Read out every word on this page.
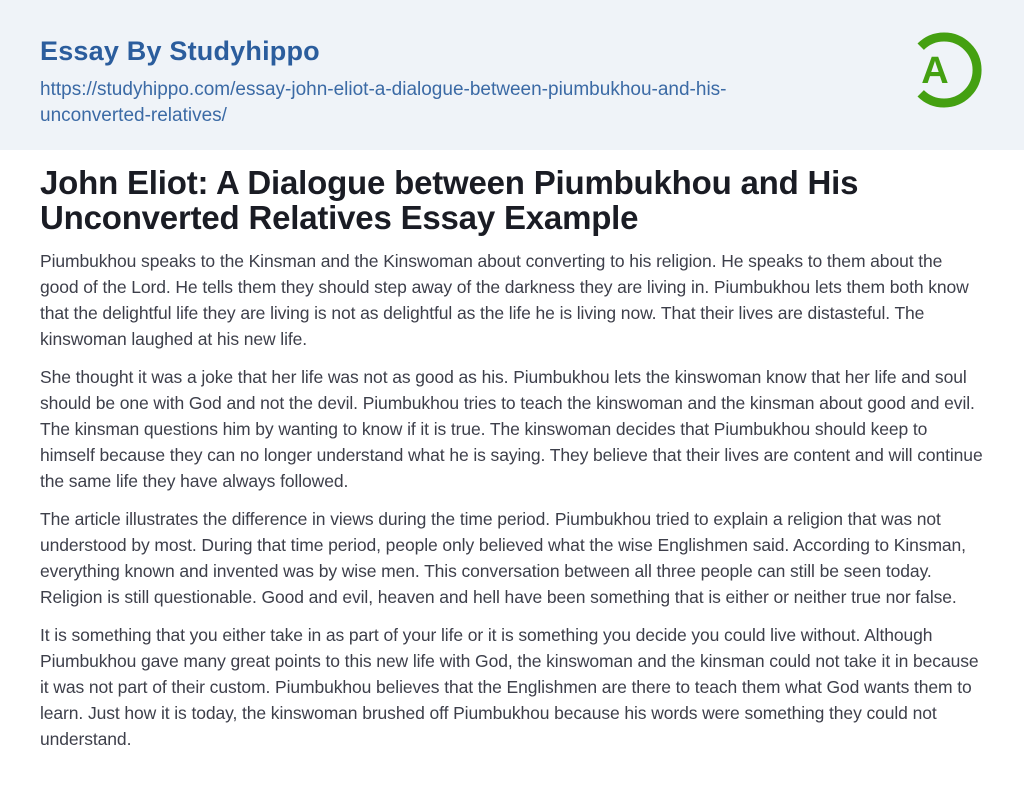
Essay By Studyhippo
https://studyhippo.com/essay-john-eliot-a-dialogue-between-piumbukhou-and-his-unconverted-relatives/
A
John Eliot: A Dialogue between Piumbukhou and His Unconverted Relatives Essay Example

Piumbukhou speaks to the Kinsman and the Kinswoman about converting to his religion. He speaks to them about the good of the Lord. He tells them they should step away of the darkness they are living in. Piumbukhou lets them both know that the delightful life they are living is not as delightful as the life he is living now. That their lives are distasteful. The kinswoman laughed at his new life.

She thought it was a joke that her life was not as good as his. Piumbukhou lets the kinswoman know that her life and soul should be one with God and not the devil. Piumbukhou tries to teach the kinswoman and the kinsman about good and evil. The kinsman questions him by wanting to know if it is true. The kinswoman decides that Piumbukhou should keep to himself because they can no longer understand what he is saying. They believe that their lives are content and will continue the same life they have always followed.

The article illustrates the difference in views during the time period. Piumbukhou tried to explain a religion that was not understood by most. During that time period, people only believed what the wise Englishmen said. According to Kinsman, everything known and invented was by wise men. This conversation between all three people can still be seen today. Religion is still questionable. Good and evil, heaven and hell have been something that is either or neither true nor false.

It is something that you either take in as part of your life or it is something you decide you could live without. Although Piumbukhou gave many great points to this new life with God, the kinswoman and the kinsman could not take it in because it was not part of their custom. Piumbukhou believes that the Englishmen are there to teach them what God wants them to learn. Just how it is today, the kinswoman brushed off Piumbukhou because his words were something they could not understand.
